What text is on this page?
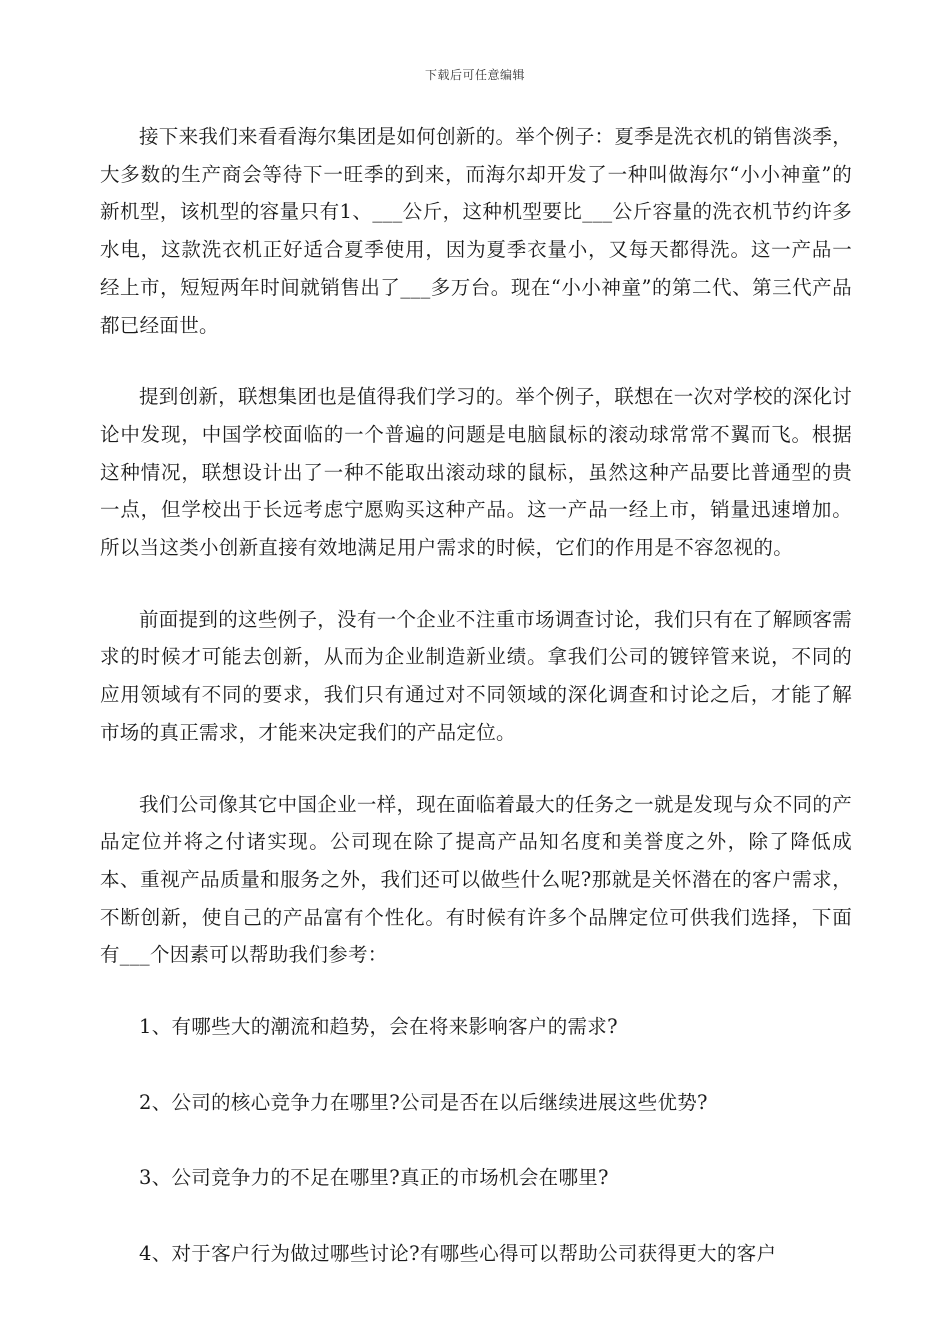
下载后可任意编辑

接下来我们来看看海尔集团是如何创新的。举个例子：夏季是洗衣机的销售淡季，大多数的生产商会等待下一旺季的到来，而海尔却开发了一种叫做海尔“小小神童”的新机型，该机型的容量只有1、___公斤，这种机型要比___公斤容量的洗衣机节约许多水电，这款洗衣机正好适合夏季使用，因为夏季衣量小，又每天都得洗。这一产品一经上市，短短两年时间就销售出了___多万台。现在“小小神童”的第二代、第三代产品都已经面世。

提到创新，联想集团也是值得我们学习的。举个例子，联想在一次对学校的深化讨论中发现，中国学校面临的一个普遍的问题是电脑鼠标的滚动球常常不翼而飞。根据这种情况，联想设计出了一种不能取出滚动球的鼠标，虽然这种产品要比普通型的贵一点，但学校出于长远考虑宁愿购买这种产品。这一产品一经上市，销量迅速增加。所以当这类小创新直接有效地满足用户需求的时候，它们的作用是不容忽视的。

前面提到的这些例子，没有一个企业不注重市场调查讨论，我们只有在了解顾客需求的时候才可能去创新，从而为企业制造新业绩。拿我们公司的镀锌管来说，不同的应用领域有不同的要求，我们只有通过对不同领域的深化调查和讨论之后，才能了解市场的真正需求，才能来决定我们的产品定位。

我们公司像其它中国企业一样，现在面临着最大的任务之一就是发现与众不同的产品定位并将之付诸实现。公司现在除了提高产品知名度和美誉度之外，除了降低成本、重视产品质量和服务之外，我们还可以做些什么呢?那就是关怀潜在的客户需求，不断创新，使自己的产品富有个性化。有时候有许多个品牌定位可供我们选择，下面有___个因素可以帮助我们参考：

1、有哪些大的潮流和趋势，会在将来影响客户的需求?

2、公司的核心竞争力在哪里?公司是否在以后继续进展这些优势?

3、公司竞争力的不足在哪里?真正的市场机会在哪里?

4、对于客户行为做过哪些讨论?有哪些心得可以帮助公司获得更大的客户
